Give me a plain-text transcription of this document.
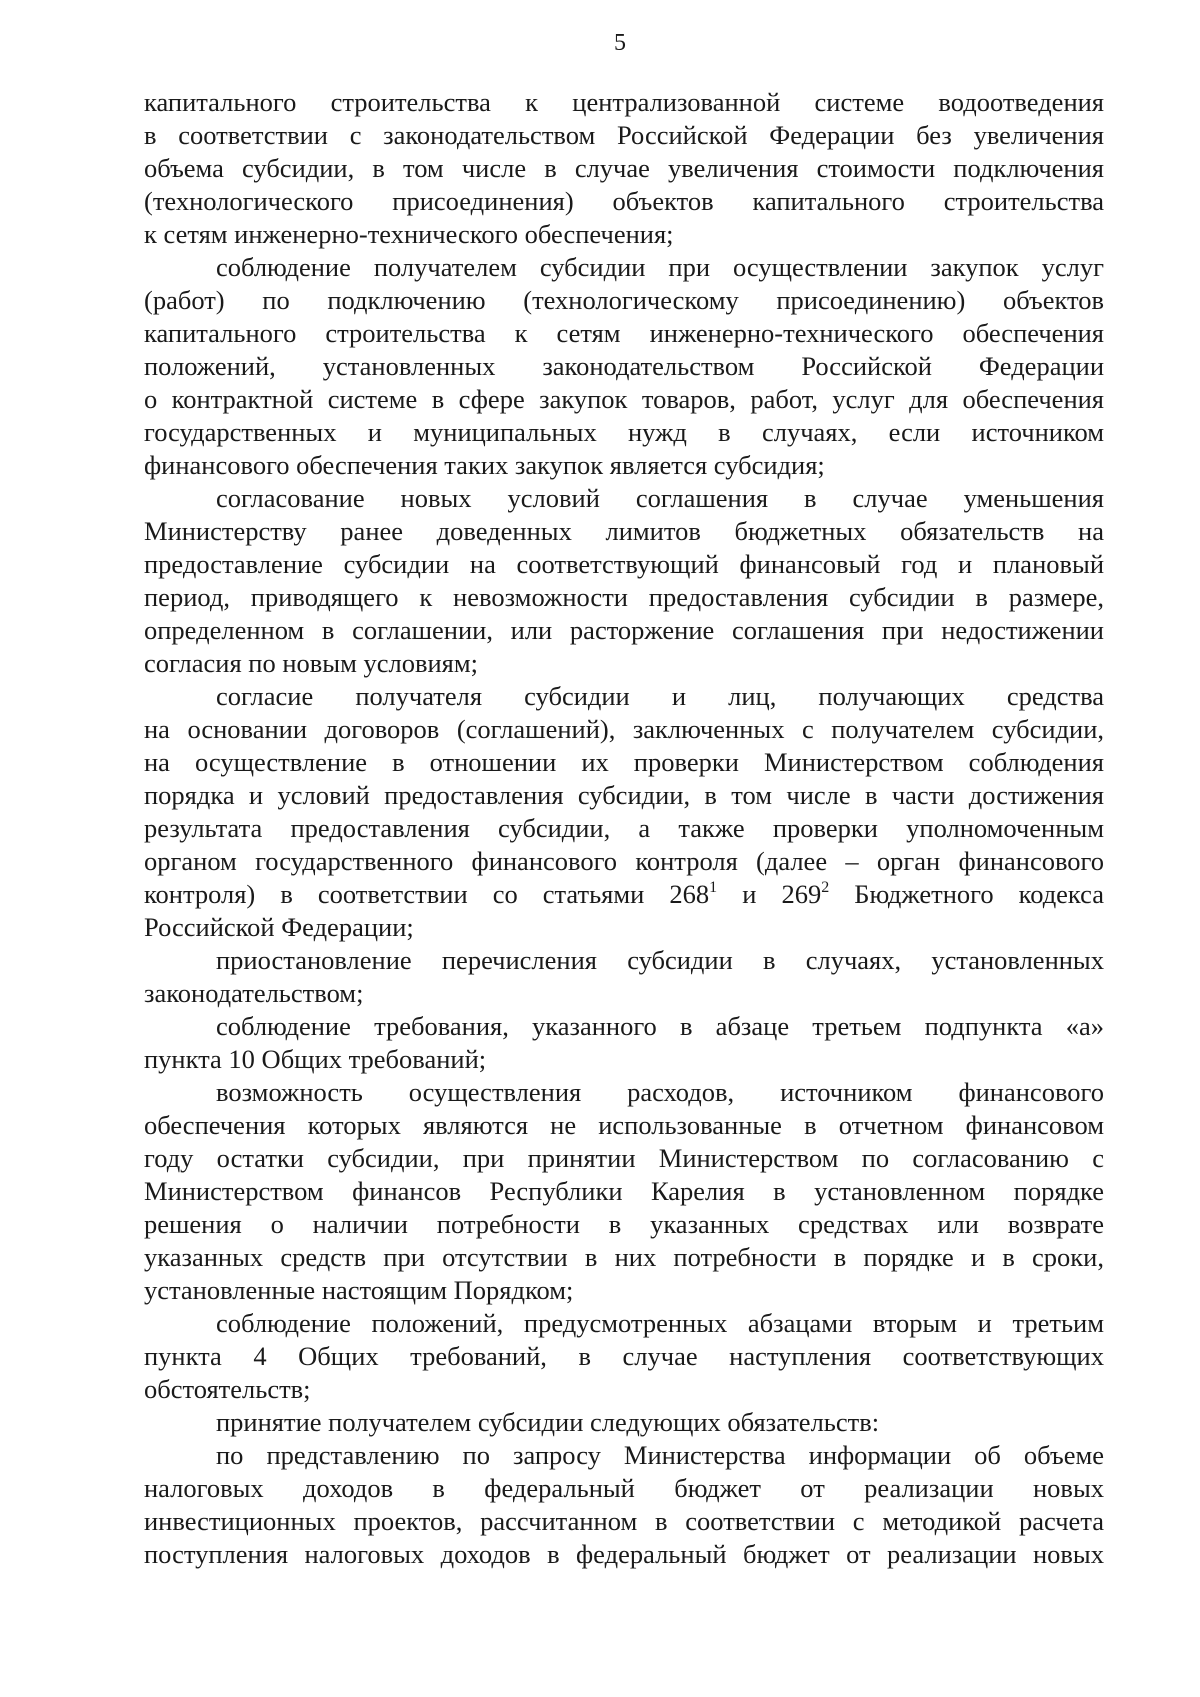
5
капитального строительства к централизованной системе водоотведения
в соответствии с законодательством Российской Федерации без увеличения
объема субсидии, в том числе в случае увеличения стоимости подключения
(технологического присоединения) объектов капитального строительства
к сетям инженерно-технического обеспечения;
соблюдение получателем субсидии при осуществлении закупок услуг
(работ) по подключению (технологическому присоединению) объектов
капитального строительства к сетям инженерно-технического обеспечения
положений, установленных законодательством Российской Федерации
о контрактной системе в сфере закупок товаров, работ, услуг для обеспечения
государственных и муниципальных нужд в случаях, если источником
финансового обеспечения таких закупок является субсидия;
согласование новых условий соглашения в случае уменьшения
Министерству ранее доведенных лимитов бюджетных обязательств на
предоставление субсидии на соответствующий финансовый год и плановый
период, приводящего к невозможности предоставления субсидии в размере,
определенном в соглашении, или расторжение соглашения при недостижении
согласия по новым условиям;
согласие получателя субсидии и лиц, получающих средства
на основании договоров (соглашений), заключенных с получателем субсидии,
на осуществление в отношении их проверки Министерством соблюдения
порядка и условий предоставления субсидии, в том числе в части достижения
результата предоставления субсидии, а также проверки уполномоченным
органом государственного финансового контроля (далее – орган финансового
контроля) в соответствии со статьями $268^1$ и $269^2$ Бюджетного кодекса
Российской Федерации;
приостановление перечисления субсидии в случаях, установленных
законодательством;
соблюдение требования, указанного в абзаце третьем подпункта «а»
пункта 10 Общих требований;
возможность осуществления расходов, источником финансового
обеспечения которых являются не использованные в отчетном финансовом
году остатки субсидии, при принятии Министерством по согласованию с
Министерством финансов Республики Карелия в установленном порядке
решения о наличии потребности в указанных средствах или возврате
указанных средств при отсутствии в них потребности в порядке и в сроки,
установленные настоящим Порядком;
соблюдение положений, предусмотренных абзацами вторым и третьим
пункта 4 Общих требований, в случае наступления соответствующих
обстоятельств;
принятие получателем субсидии следующих обязательств:
по представлению по запросу Министерства информации об объеме
налоговых доходов в федеральный бюджет от реализации новых
инвестиционных проектов, рассчитанном в соответствии с методикой расчета
поступления налоговых доходов в федеральный бюджет от реализации новых
